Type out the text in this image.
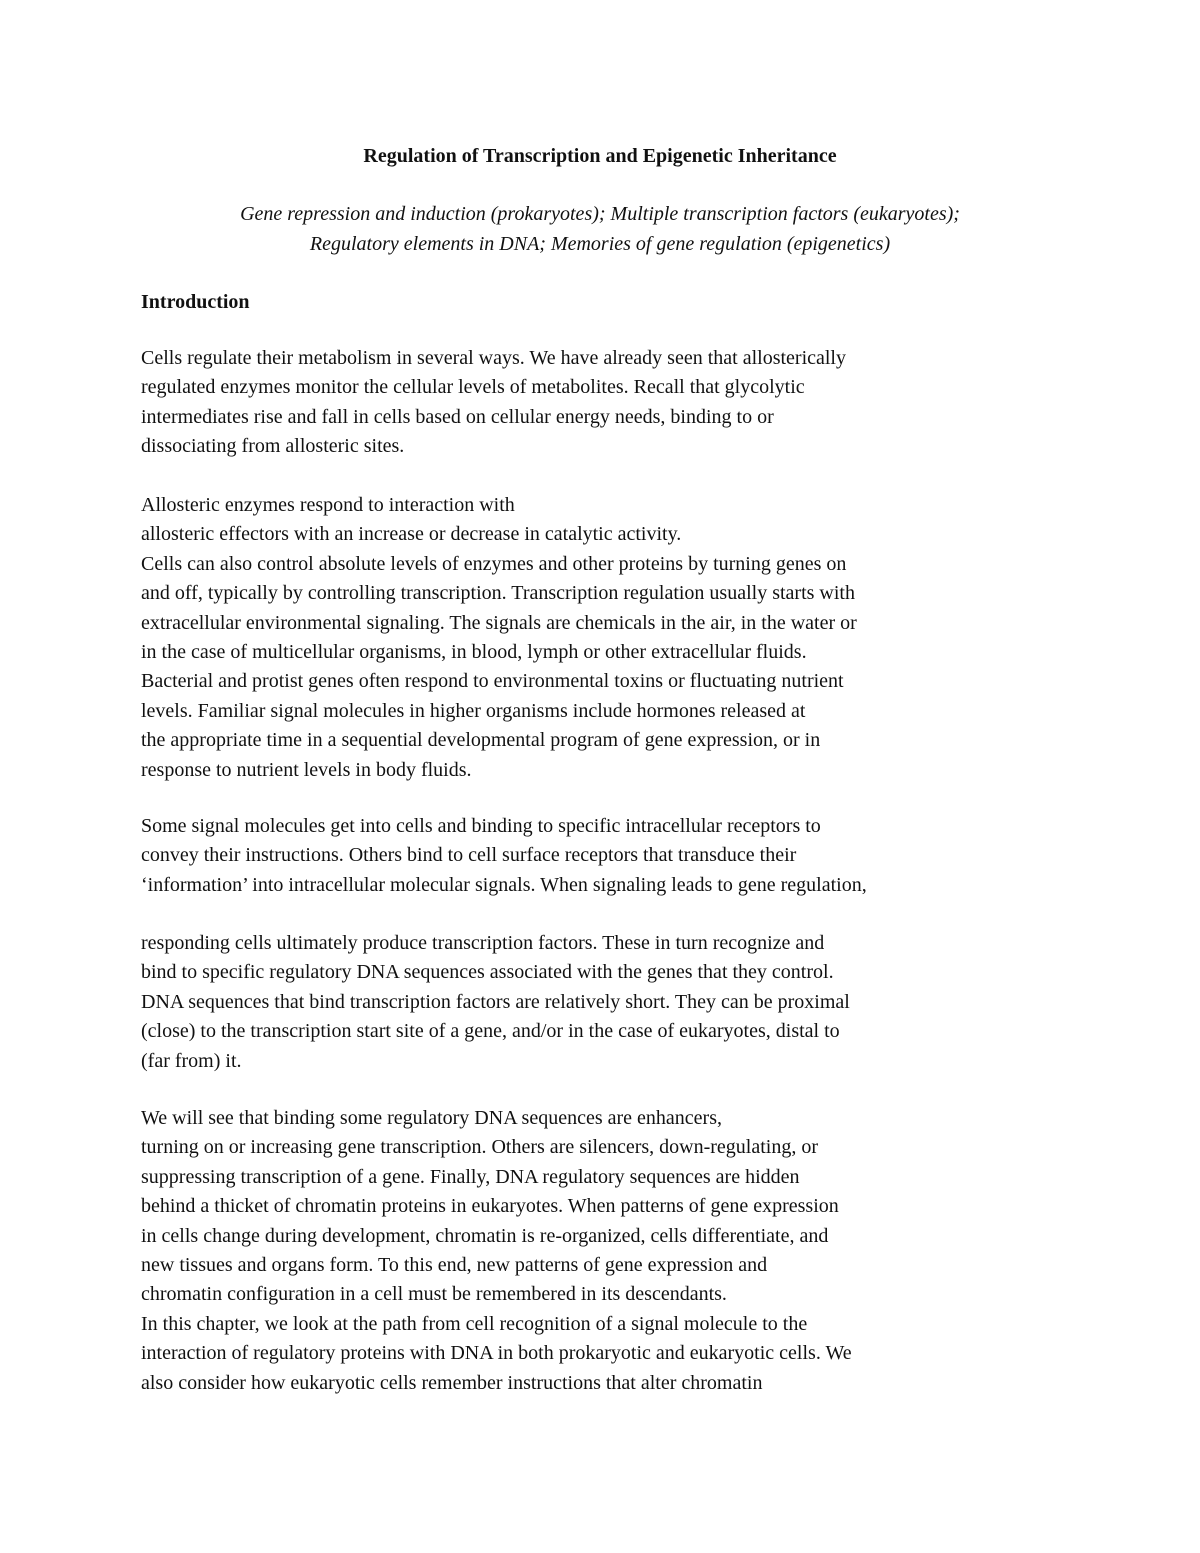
Regulation of Transcription and Epigenetic Inheritance
Gene repression and induction (prokaryotes); Multiple transcription factors (eukaryotes);
Regulatory elements in DNA; Memories of gene regulation (epigenetics)
Introduction
Cells regulate their metabolism in several ways. We have already seen that allosterically
regulated enzymes monitor the cellular levels of metabolites. Recall that glycolytic
intermediates rise and fall in cells based on cellular energy needs, binding to or
dissociating from allosteric sites.
Allosteric enzymes respond to interaction with
allosteric effectors with an increase or decrease in catalytic activity.
Cells can also control absolute levels of enzymes and other proteins by turning genes on
and off, typically by controlling transcription. Transcription regulation usually starts with
extracellular environmental signaling. The signals are chemicals in the air, in the water or
in the case of multicellular organisms, in blood, lymph or other extracellular fluids.
Bacterial and protist genes often respond to environmental toxins or fluctuating nutrient
levels. Familiar signal molecules in higher organisms include hormones released at
the appropriate time in a sequential developmental program of gene expression, or in
response to nutrient levels in body fluids.
Some signal molecules get into cells and binding to specific intracellular receptors to
convey their instructions. Others bind to cell surface receptors that transduce their
‘information’ into intracellular molecular signals. When signaling leads to gene regulation,
responding cells ultimately produce transcription factors. These in turn recognize and
bind to specific regulatory DNA sequences associated with the genes that they control.
DNA sequences that bind transcription factors are relatively short. They can be proximal
(close) to the transcription start site of a gene, and/or in the case of eukaryotes, distal to
(far from) it.
We will see that binding some regulatory DNA sequences are enhancers,
turning on or increasing gene transcription. Others are silencers, down-regulating, or
suppressing transcription of a gene. Finally, DNA regulatory sequences are hidden
behind a thicket of chromatin proteins in eukaryotes. When patterns of gene expression
in cells change during development, chromatin is re-organized, cells differentiate, and
new tissues and organs form. To this end, new patterns of gene expression and
chromatin configuration in a cell must be remembered in its descendants.
In this chapter, we look at the path from cell recognition of a signal molecule to the
interaction of regulatory proteins with DNA in both prokaryotic and eukaryotic cells. We
also consider how eukaryotic cells remember instructions that alter chromatin
